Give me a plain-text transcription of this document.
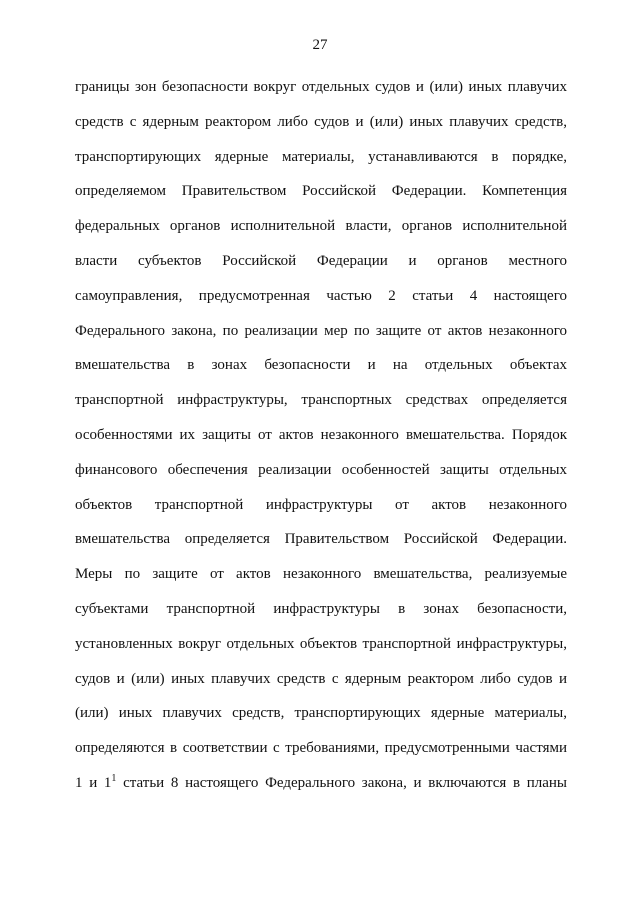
27
границы зон безопасности вокруг отдельных судов и (или) иных плавучих
средств с ядерным реактором либо судов и (или) иных плавучих средств,
транспортирующих ядерные материалы, устанавливаются в порядке,
определяемом Правительством Российской Федерации. Компетенция
федеральных органов исполнительной власти, органов исполнительной
власти субъектов Российской Федерации и органов местного
самоуправления, предусмотренная частью 2 статьи 4 настоящего
Федерального закона, по реализации мер по защите от актов незаконного
вмешательства в зонах безопасности и на отдельных объектах
транспортной инфраструктуры, транспортных средствах определяется
особенностями их защиты от актов незаконного вмешательства. Порядок
финансового обеспечения реализации особенностей защиты отдельных
объектов транспортной инфраструктуры от актов незаконного
вмешательства определяется Правительством Российской Федерации.
Меры по защите от актов незаконного вмешательства, реализуемые
субъектами транспортной инфраструктуры в зонах безопасности,
установленных вокруг отдельных объектов транспортной инфраструктуры,
судов и (или) иных плавучих средств с ядерным реактором либо судов и
(или) иных плавучих средств, транспортирующих ядерные материалы,
определяются в соответствии с требованиями, предусмотренными частями
1 и $1^1$ статьи 8 настоящего Федерального закона, и включаются в планы
